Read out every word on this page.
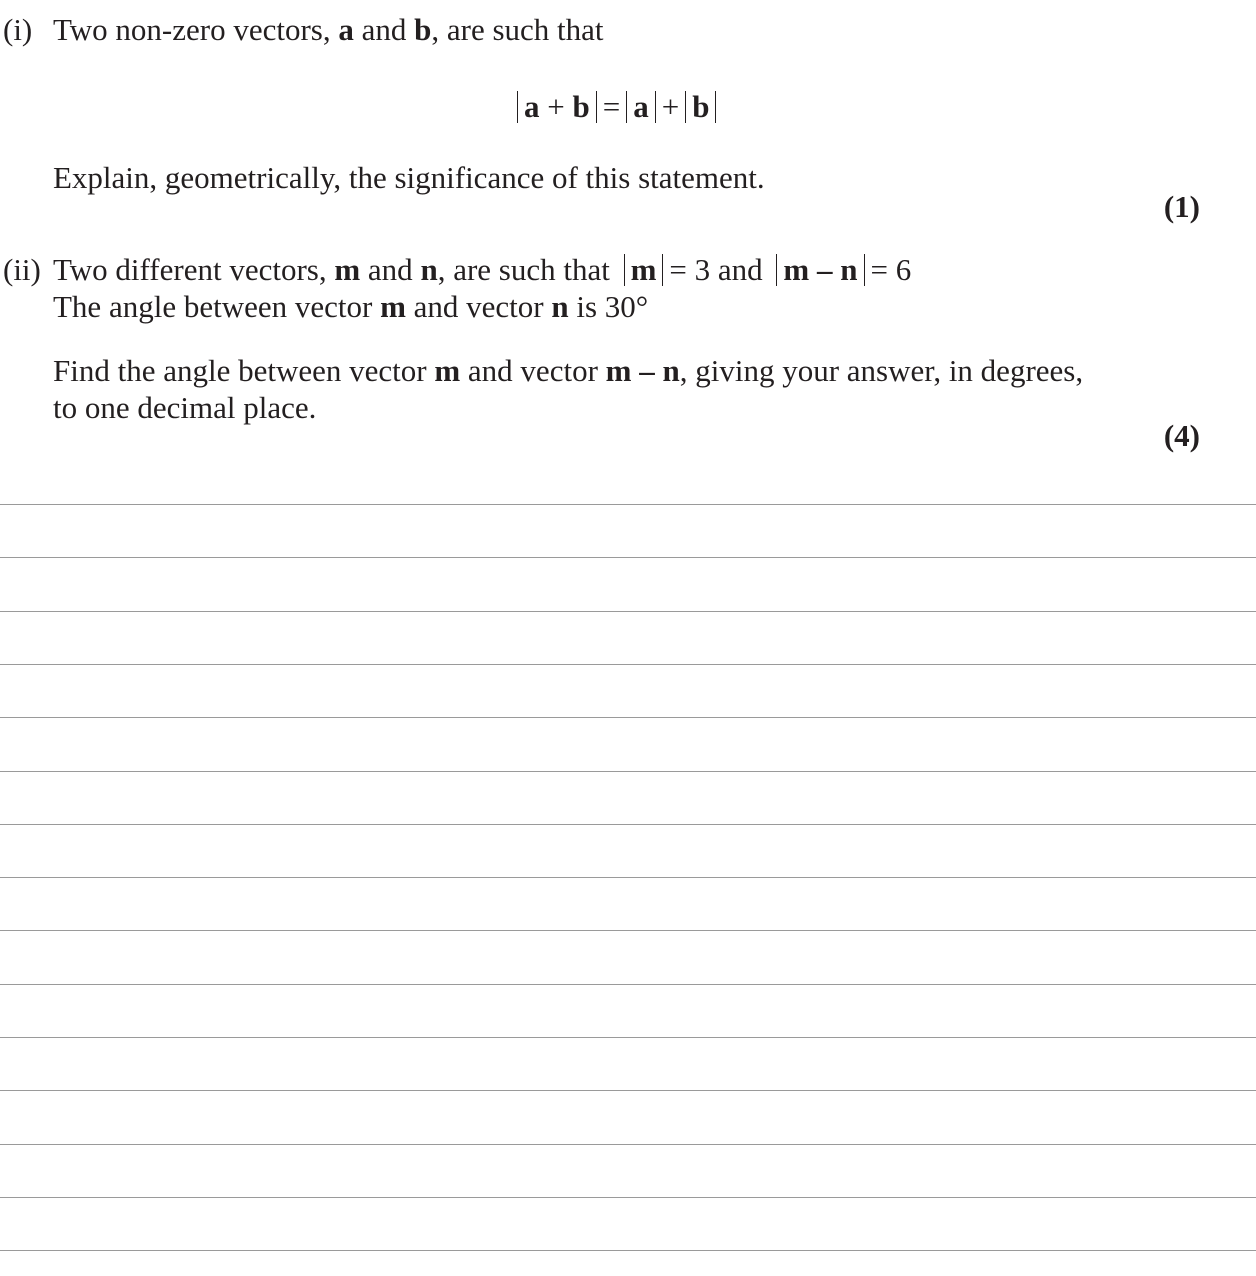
(i) Two non-zero vectors, a and b, are such that
a + b = a + b
Explain, geometrically, the significance of this statement.
(1)
(ii) Two different vectors, m and n, are such that m = 3 and m – n = 6
The angle between vector m and vector n is 30°
Find the angle between vector m and vector m – n, giving your answer, in degrees,
to one decimal place.
(4)
